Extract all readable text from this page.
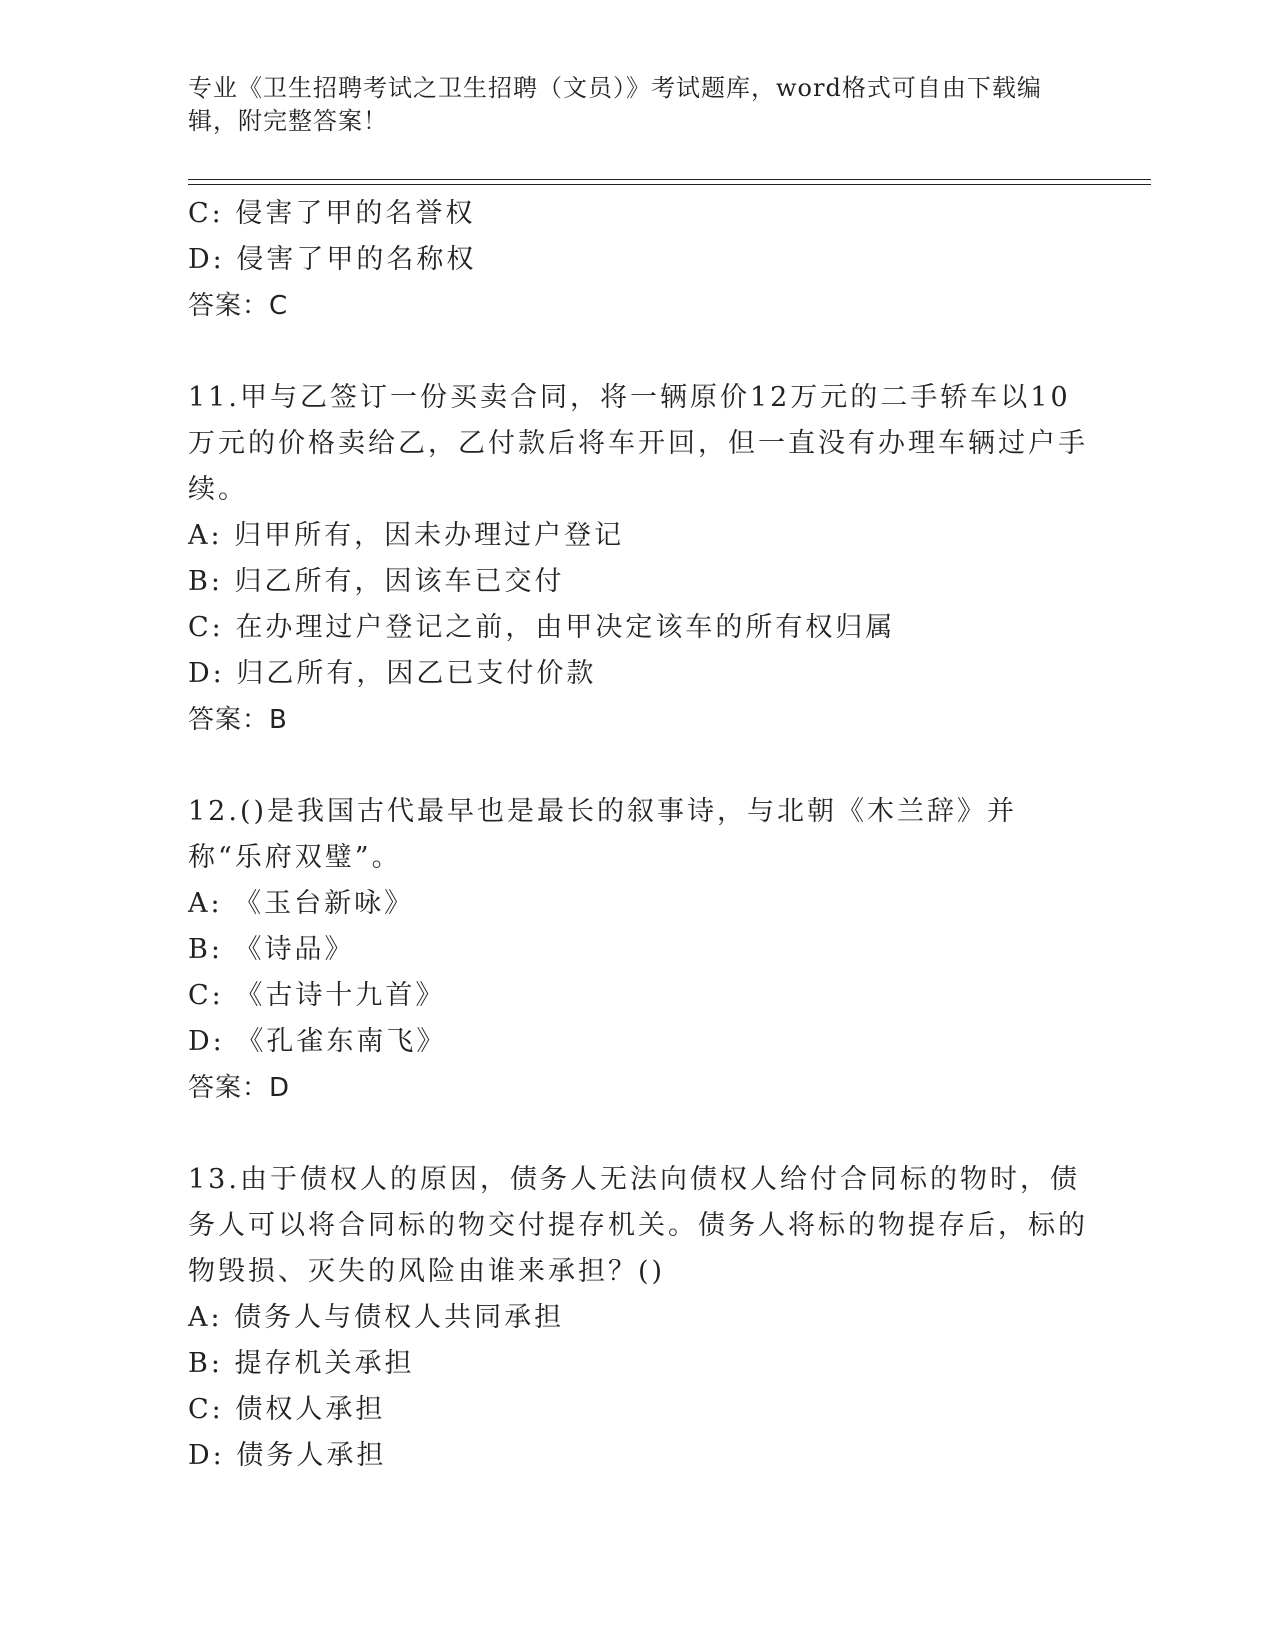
专业《卫生招聘考试之卫生招聘（文员）》考试题库，word格式可自由下载编辑，附完整答案！
C: 侵害了甲的名誉权
D: 侵害了甲的名称权
答案：C
11.甲与乙签订一份买卖合同，将一辆原价12万元的二手轿车以10万元的价格卖给乙，乙付款后将车开回，但一直没有办理车辆过户手续。
A: 归甲所有，因未办理过户登记
B: 归乙所有，因该车已交付
C: 在办理过户登记之前，由甲决定该车的所有权归属
D: 归乙所有，因乙已支付价款
答案：B
12.()是我国古代最早也是最长的叙事诗，与北朝《木兰辞》并称“乐府双璧”。
A: 《玉台新咏》
B: 《诗品》
C: 《古诗十九首》
D: 《孔雀东南飞》
答案：D
13.由于债权人的原因，债务人无法向债权人给付合同标的物时，债务人可以将合同标的物交付提存机关。债务人将标的物提存后，标的物毁损、灭失的风险由谁来承担？()
A: 债务人与债权人共同承担
B: 提存机关承担
C: 债权人承担
D: 债务人承担
